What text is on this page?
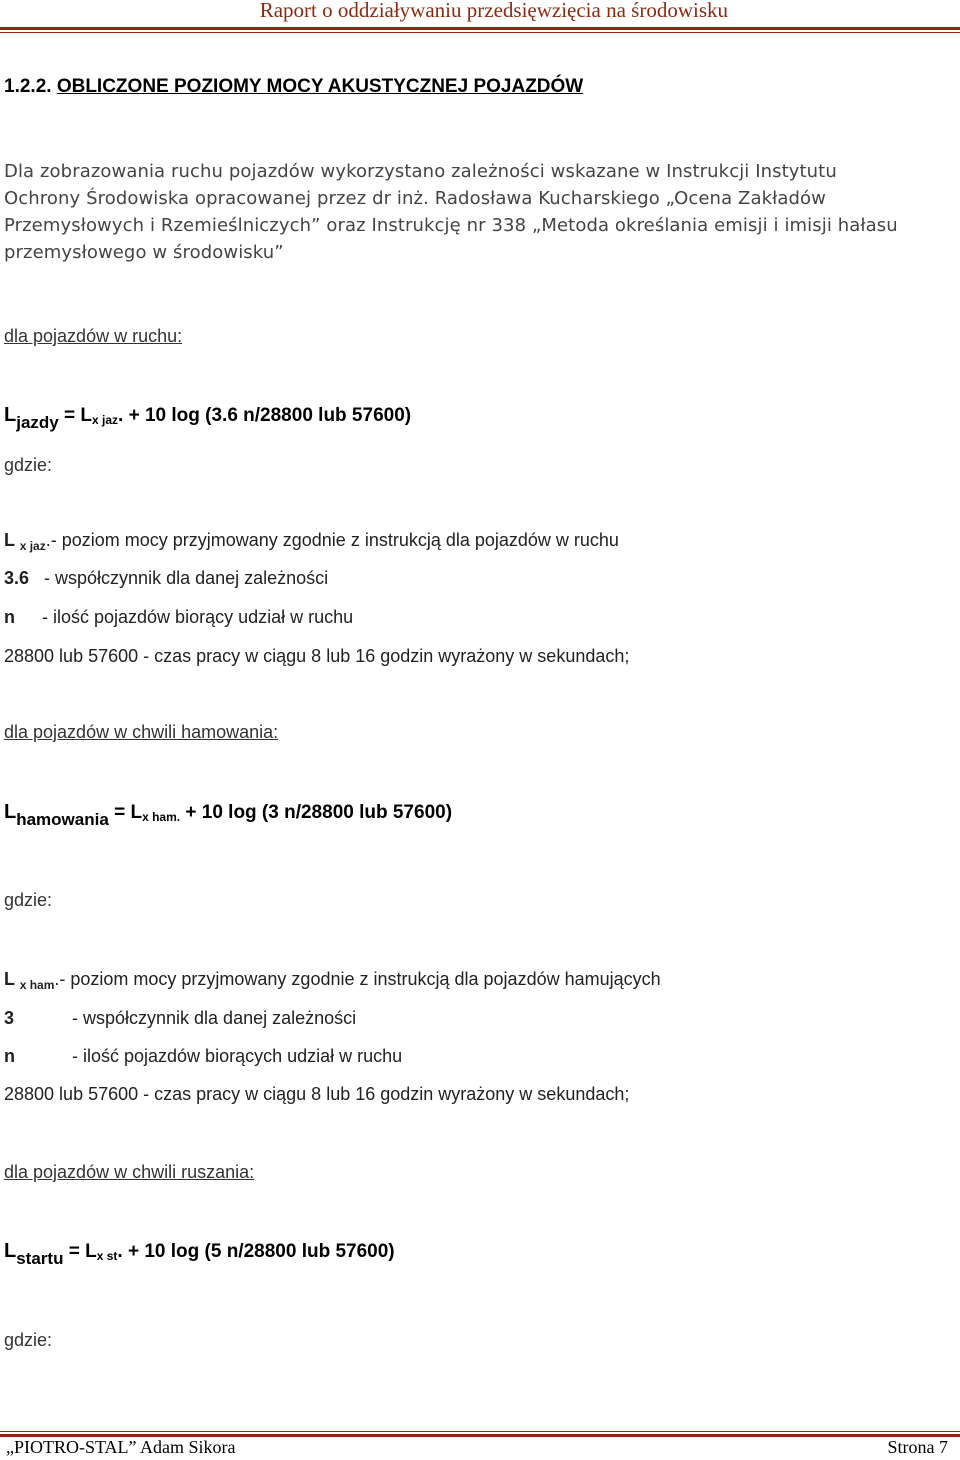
Raport o oddziaływaniu przedsięwzięcia na środowisku
1.2.2. OBLICZONE POZIOMY MOCY AKUSTYCZNEJ POJAZDÓW
Dla zobrazowania ruchu pojazdów wykorzystano zależności wskazane w Instrukcji Instytutu Ochrony Środowiska opracowanej przez dr inż. Radosława Kucharskiego „Ocena Zakładów Przemysłowych i Rzemieślniczych” oraz Instrukcję nr 338 „Metoda określania emisji i imisji hałasu przemysłowego w środowisku”
dla pojazdów w ruchu:
Ljazdy = Lx jaz. + 10 log (3.6 n/28800 lub 57600)
gdzie:
L $_{x jaz}$.- poziom mocy przyjmowany zgodnie z instrukcją dla pojazdów w ruchu
3.6 - współczynnik dla danej zależności
n - ilość pojazdów biorący udział w ruchu
28800 lub 57600 - czas pracy w ciągu 8 lub 16 godzin wyrażony w sekundach;
dla pojazdów w chwili hamowania:
Lhamowania = Lx ham. + 10 log (3 n/28800 lub 57600)
gdzie:
L $_{x ham}$.- poziom mocy przyjmowany zgodnie z instrukcją dla pojazdów hamujących
3	- współczynnik dla danej zależności
n	- ilość pojazdów biorących udział w ruchu
28800 lub 57600 - czas pracy w ciągu 8 lub 16 godzin wyrażony w sekundach;
dla pojazdów w chwili ruszania:
Lstartu = Lx st. + 10 log (5 n/28800 lub 57600)
gdzie:
„PIOTRO-STAL” Adam Sikora	Strona 7
